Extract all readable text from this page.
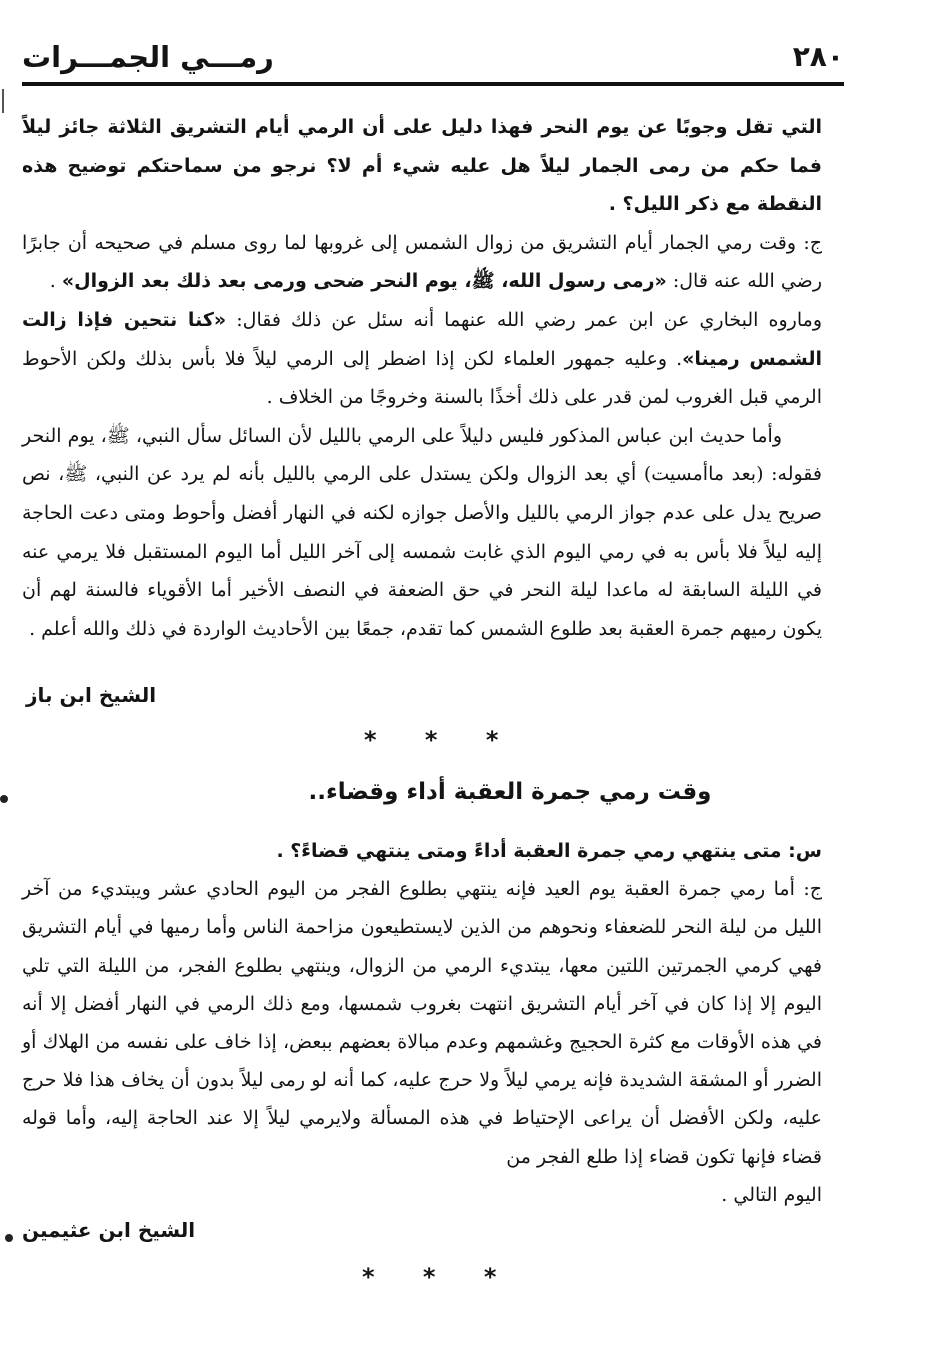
٢٨٠
رمـــي الجمـــرات

التي تقل وجوبًا عن يوم النحر فهذا دليل على أن الرمي أيام التشريق الثلاثة جائز ليلاً فما حكم من رمى الجمار ليلاً هل عليه شيء أم لا؟ نرجو من سماحتكم توضيح هذه النقطة مع ذكر الليل؟ .

ج: وقت رمي الجمار أيام التشريق من زوال الشمس إلى غروبها لما روى مسلم في صحيحه أن جابرًا رضي الله عنه قال: «رمى رسول الله، ﷺ، يوم النحر ضحى ورمى بعد ذلك بعد الزوال» .

وماروه البخاري عن ابن عمر رضي الله عنهما أنه سئل عن ذلك فقال: «كنا نتحين فإذا زالت الشمس رمينا». وعليه جمهور العلماء لكن إذا اضطر إلى الرمي ليلاً فلا بأس بذلك ولكن الأحوط الرمي قبل الغروب لمن قدر على ذلك أخذًا بالسنة وخروجًا من الخلاف .

وأما حديث ابن عباس المذكور فليس دليلاً على الرمي بالليل لأن السائل سأل النبي، ﷺ، يوم النحر فقوله: (بعد ماأمسيت) أي بعد الزوال ولكن يستدل على الرمي بالليل بأنه لم يرد عن النبي، ﷺ، نص صريح يدل على عدم جواز الرمي بالليل والأصل جوازه لكنه في النهار أفضل وأحوط ومتى دعت الحاجة إليه ليلاً فلا بأس به في رمي اليوم الذي غابت شمسه إلى آخر الليل أما اليوم المستقبل فلا يرمي عنه في الليلة السابقة له ماعدا ليلة النحر في حق الضعفة في النصف الأخير أما الأقوياء فالسنة لهم أن يكون رميهم جمرة العقبة بعد طلوع الشمس كما تقدم، جمعًا بين الأحاديث الواردة في ذلك والله أعلم .

الشيخ ابن باز
* * *
وقت رمي جمرة العقبة أداء وقضاء..

س: متى ينتهي رمي جمرة العقبة أداءً ومتى ينتهي قضاءً؟ .

ج: أما رمي جمرة العقبة يوم العيد فإنه ينتهي بطلوع الفجر من اليوم الحادي عشر ويبتديء من آخر الليل من ليلة النحر للضعفاء ونحوهم من الذين لايستطيعون مزاحمة الناس وأما رميها في أيام التشريق فهي كرمي الجمرتين اللتين معها، يبتديء الرمي من الزوال، وينتهي بطلوع الفجر، من الليلة التي تلي اليوم إلا إذا كان في آخر أيام التشريق انتهت بغروب شمسها، ومع ذلك الرمي في النهار أفضل إلا أنه في هذه الأوقات مع كثرة الحجيج وغشمهم وعدم مبالاة بعضهم ببعض، إذا خاف على نفسه من الهلاك أو الضرر أو المشقة الشديدة فإنه يرمي ليلاً ولا حرج عليه، كما أنه لو رمى ليلاً بدون أن يخاف هذا فلا حرج عليه، ولكن الأفضل أن يراعى الإحتياط في هذه المسألة ولايرمي ليلاً إلا عند الحاجة إليه، وأما قوله قضاء فإنها تكون قضاء إذا طلع الفجر من

اليوم التالي .

الشيخ ابن عثيمين
* * *
